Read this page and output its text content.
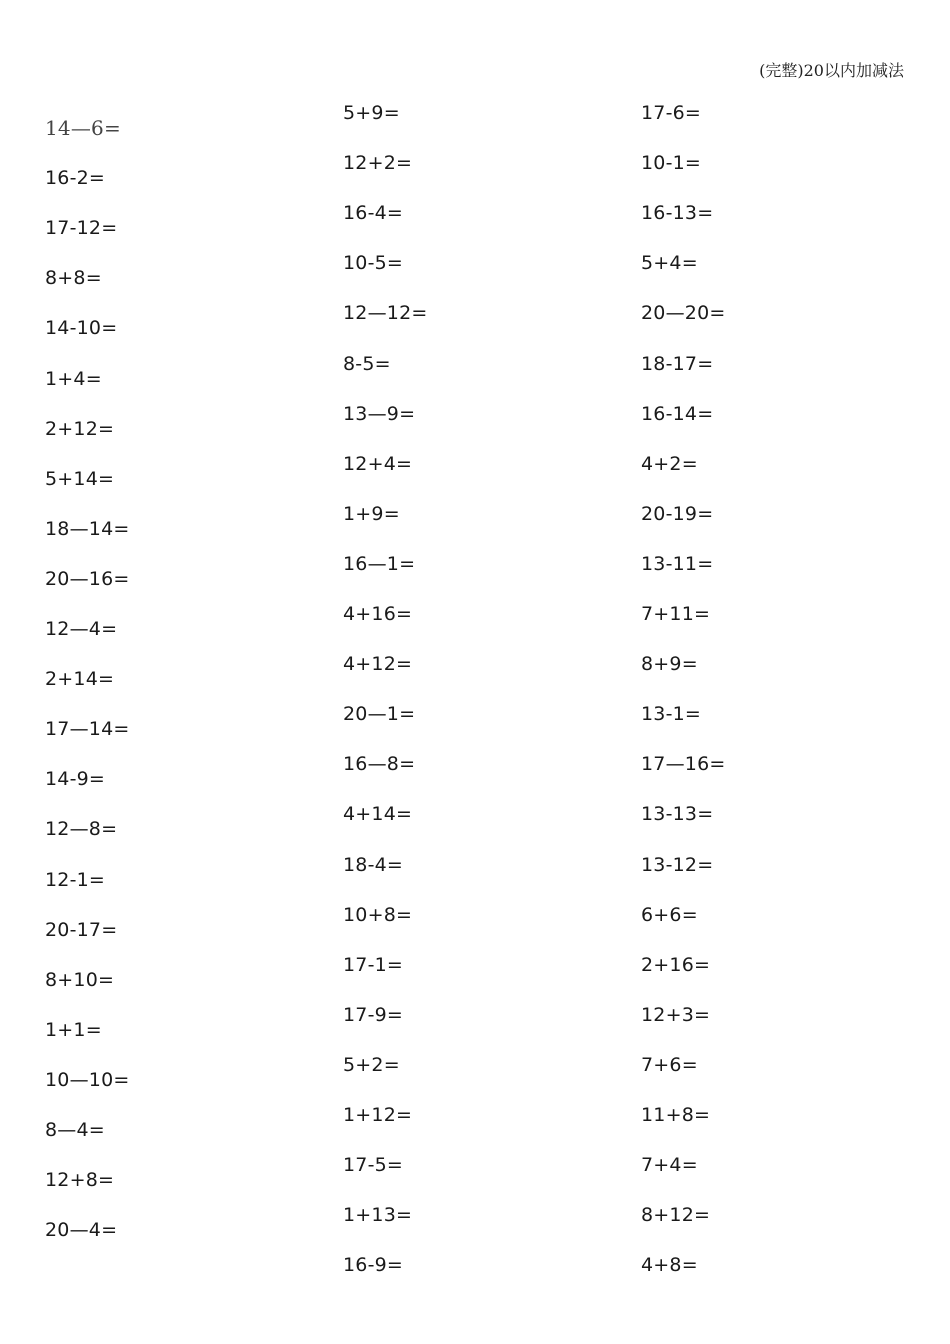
(完整)20以内加减法
14—6=
16-2=
17-12=
8+8=
14-10=
1+4=
2+12=
5+14=
18—14=
20—16=
12—4=
2+14=
17—14=
14-9=
12—8=
12-1=
20-17=
8+10=
1+1=
10—10=
8—4=
12+8=
20—4=
5+9=
12+2=
16-4=
10-5=
12—12=
8-5=
13—9=
12+4=
1+9=
16—1=
4+16=
4+12=
20—1=
16—8=
4+14=
18-4=
10+8=
17-1=
17-9=
5+2=
1+12=
17-5=
1+13=
16-9=
17-6=
10-1=
16-13=
5+4=
20—20=
18-17=
16-14=
4+2=
20-19=
13-11=
7+11=
8+9=
13-1=
17—16=
13-13=
13-12=
6+6=
2+16=
12+3=
7+6=
11+8=
7+4=
8+12=
4+8=
